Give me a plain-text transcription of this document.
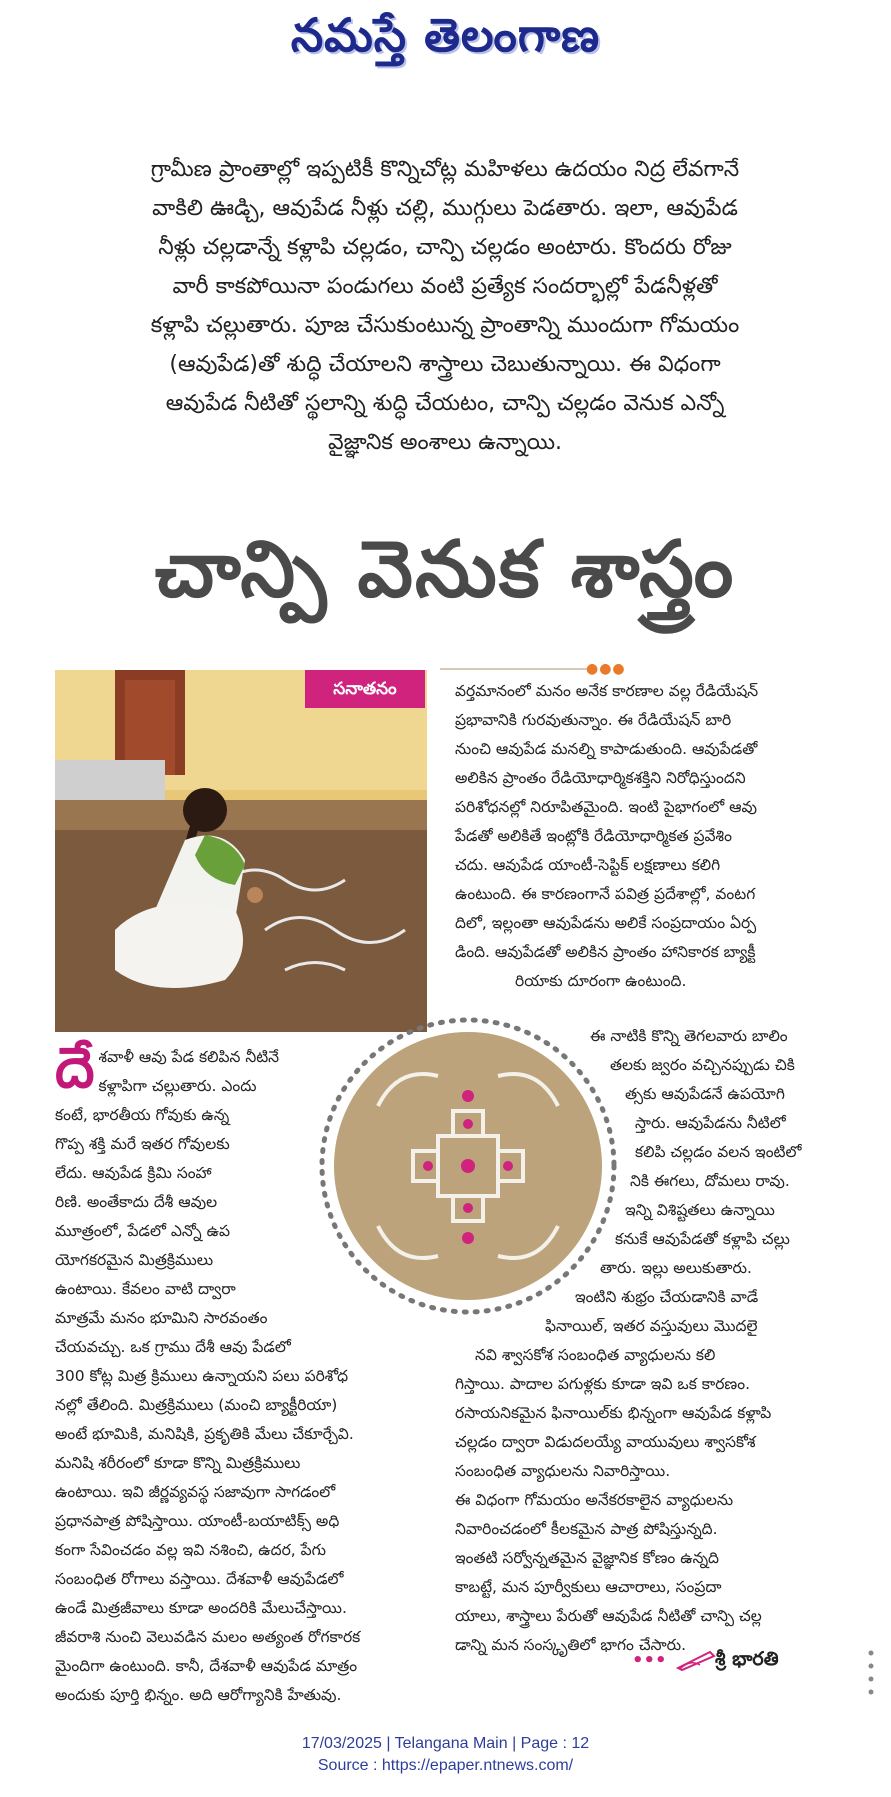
నమస్తే తెలంగాణ
గ్రామీణ ప్రాంతాల్లో ఇప్పటికీ కొన్నిచోట్ల మహిళలు ఉదయం నిద్ర లేవగానే
వాకిలి ఊడ్చి, ఆవుపేడ నీళ్లు చల్లి, ముగ్గులు పెడతారు. ఇలా, ఆవుపేడ
నీళ్లు చల్లడాన్నే కళ్లాపి చల్లడం, చాన్పి చల్లడం అంటారు. కొందరు రోజు
వారీ కాకపోయినా పండుగలు వంటి ప్రత్యేక సందర్భాల్లో పేడనీళ్లతో
కళ్లాపి చల్లుతారు. పూజ చేసుకుంటున్న ప్రాంతాన్ని ముందుగా గోమయం
(ఆవుపేడ)తో శుద్ధి చేయాలని శాస్త్రాలు చెబుతున్నాయి. ఈ విధంగా
ఆవుపేడ నీటితో స్థలాన్ని శుద్ధి చేయటం, చాన్పి చల్లడం వెనుక ఎన్నో
వైజ్ఞానిక అంశాలు ఉన్నాయి.
చాన్పి వెనుక శాస్త్రం
●●●
సనాతనం	వర్తమానంలో మనం అనేక కారణాల వల్ల రేడియేషన్
ప్రభావానికి గురవుతున్నాం. ఈ రేడియేషన్ బారి
నుంచి ఆవుపేడ మనల్ని కాపాడుతుంది. ఆవుపేడతో
అలికిన ప్రాంతం రేడియోధార్మికశక్తిని నిరోధిస్తుందని
పరిశోధనల్లో నిరూపితమైంది. ఇంటి పైభాగంలో ఆవు
పేడతో అలికితే ఇంట్లోకి రేడియోధార్మికత ప్రవేశిం
చదు. ఆవుపేడ యాంటీ-సెప్టిక్ లక్షణాలు కలిగి
ఉంటుంది. ఈ కారణంగానే పవిత్ర ప్రదేశాల్లో, వంటగ
దిలో, ఇల్లంతా ఆవుపేడను అలికే సంప్రదాయం ఏర్ప
డింది. ఆవుపేడతో అలికిన ప్రాంతం హానికారక బ్యాక్టీ
రియాకు దూరంగా ఉంటుంది.
దే శవాళీ ఆవు పేడ కలిపిన నీటినే
కళ్లాపిగా చల్లుతారు. ఎందు
కంటే, భారతీయ గోవుకు ఉన్న
గొప్ప శక్తి మరే ఇతర గోవులకు
లేదు. ఆవుపేడ క్రిమి సంహా
రిణి. అంతేకాదు దేశీ ఆవుల
మూత్రంలో, పేడలో ఎన్నో ఉప
యోగకరమైన మిత్రక్రిములు
ఉంటాయి. కేవలం వాటి ద్వారా
మాత్రమే మనం భూమిని సారవంతం
చేయవచ్చు. ఒక గ్రాము దేశీ ఆవు పేడలో
300 కోట్ల మిత్ర క్రిములు ఉన్నాయని పలు పరిశోధ
నల్లో తేలింది. మిత్రక్రిములు (మంచి బ్యాక్టీరియా)
అంటే భూమికి, మనిషికి, ప్రకృతికి మేలు చేకూర్చేవి.
మనిషి శరీరంలో కూడా కొన్ని మిత్రక్రిములు
ఉంటాయి. ఇవి జీర్ణవ్యవస్థ సజావుగా సాగడంలో
ప్రధానపాత్ర పోషిస్తాయి. యాంటీ-బయాటిక్స్ అధి
కంగా సేవించడం వల్ల ఇవి నశించి, ఉదర, పేగు
సంబంధిత రోగాలు వస్తాయి. దేశవాళీ ఆవుపేడలో
ఉండే మిత్రజీవాలు కూడా అందరికి మేలుచేస్తాయి.
జీవరాశి నుంచి వెలువడిన మలం అత్యంత రోగకారక
మైందిగా ఉంటుంది. కానీ, దేశవాళీ ఆవుపేడ మాత్రం
అందుకు పూర్తి భిన్నం. అది ఆరోగ్యానికి హేతువు.
ఈ నాటికి కొన్ని తెగలవారు బాలిం
తలకు జ్వరం వచ్చినప్పుడు చికి
త్సకు ఆవుపేడనే ఉపయోగి
స్తారు. ఆవుపేడను నీటిలో
కలిపి చల్లడం వలన ఇంటిలో
నికి ఈగలు, దోమలు రావు.
ఇన్ని విశిష్టతలు ఉన్నాయి
కనుకే ఆవుపేడతో కళ్లాపి చల్లు
తారు. ఇల్లు అలుకుతారు.
ఇంటిని శుభ్రం చేయడానికి వాడే
ఫినాయిల్, ఇతర వస్తువులు మొదలై
నవి శ్వాసకోశ సంబంధిత వ్యాధులను కలి
గిస్తాయి. పాదాల పగుళ్లకు కూడా ఇవి ఒక కారణం.
రసాయనికమైన ఫినాయిల్‌కు భిన్నంగా ఆవుపేడ కళ్లాపి
చల్లడం ద్వారా విడుదలయ్యే వాయువులు శ్వాసకోశ
సంబంధిత వ్యాధులను నివారిస్తాయి.
ఈ విధంగా గోమయం అనేకరకాలైన వ్యాధులను
నివారించడంలో కీలకమైన పాత్ర పోషిస్తున్నది.
ఇంతటి సర్వోన్నతమైన వైజ్ఞానిక కోణం ఉన్నది
కాబట్టే, మన పూర్వీకులు ఆచారాలు, సంప్రదా
యాలు, శాస్త్రాలు పేరుతో ఆవుపేడ నీటితో చాన్పి చల్ల
డాన్ని మన సంస్కృతిలో భాగం చేసారు.
•••	శ్రీ భారతి
17/03/2025 | Telangana Main | Page : 12
Source : https://epaper.ntnews.com/
